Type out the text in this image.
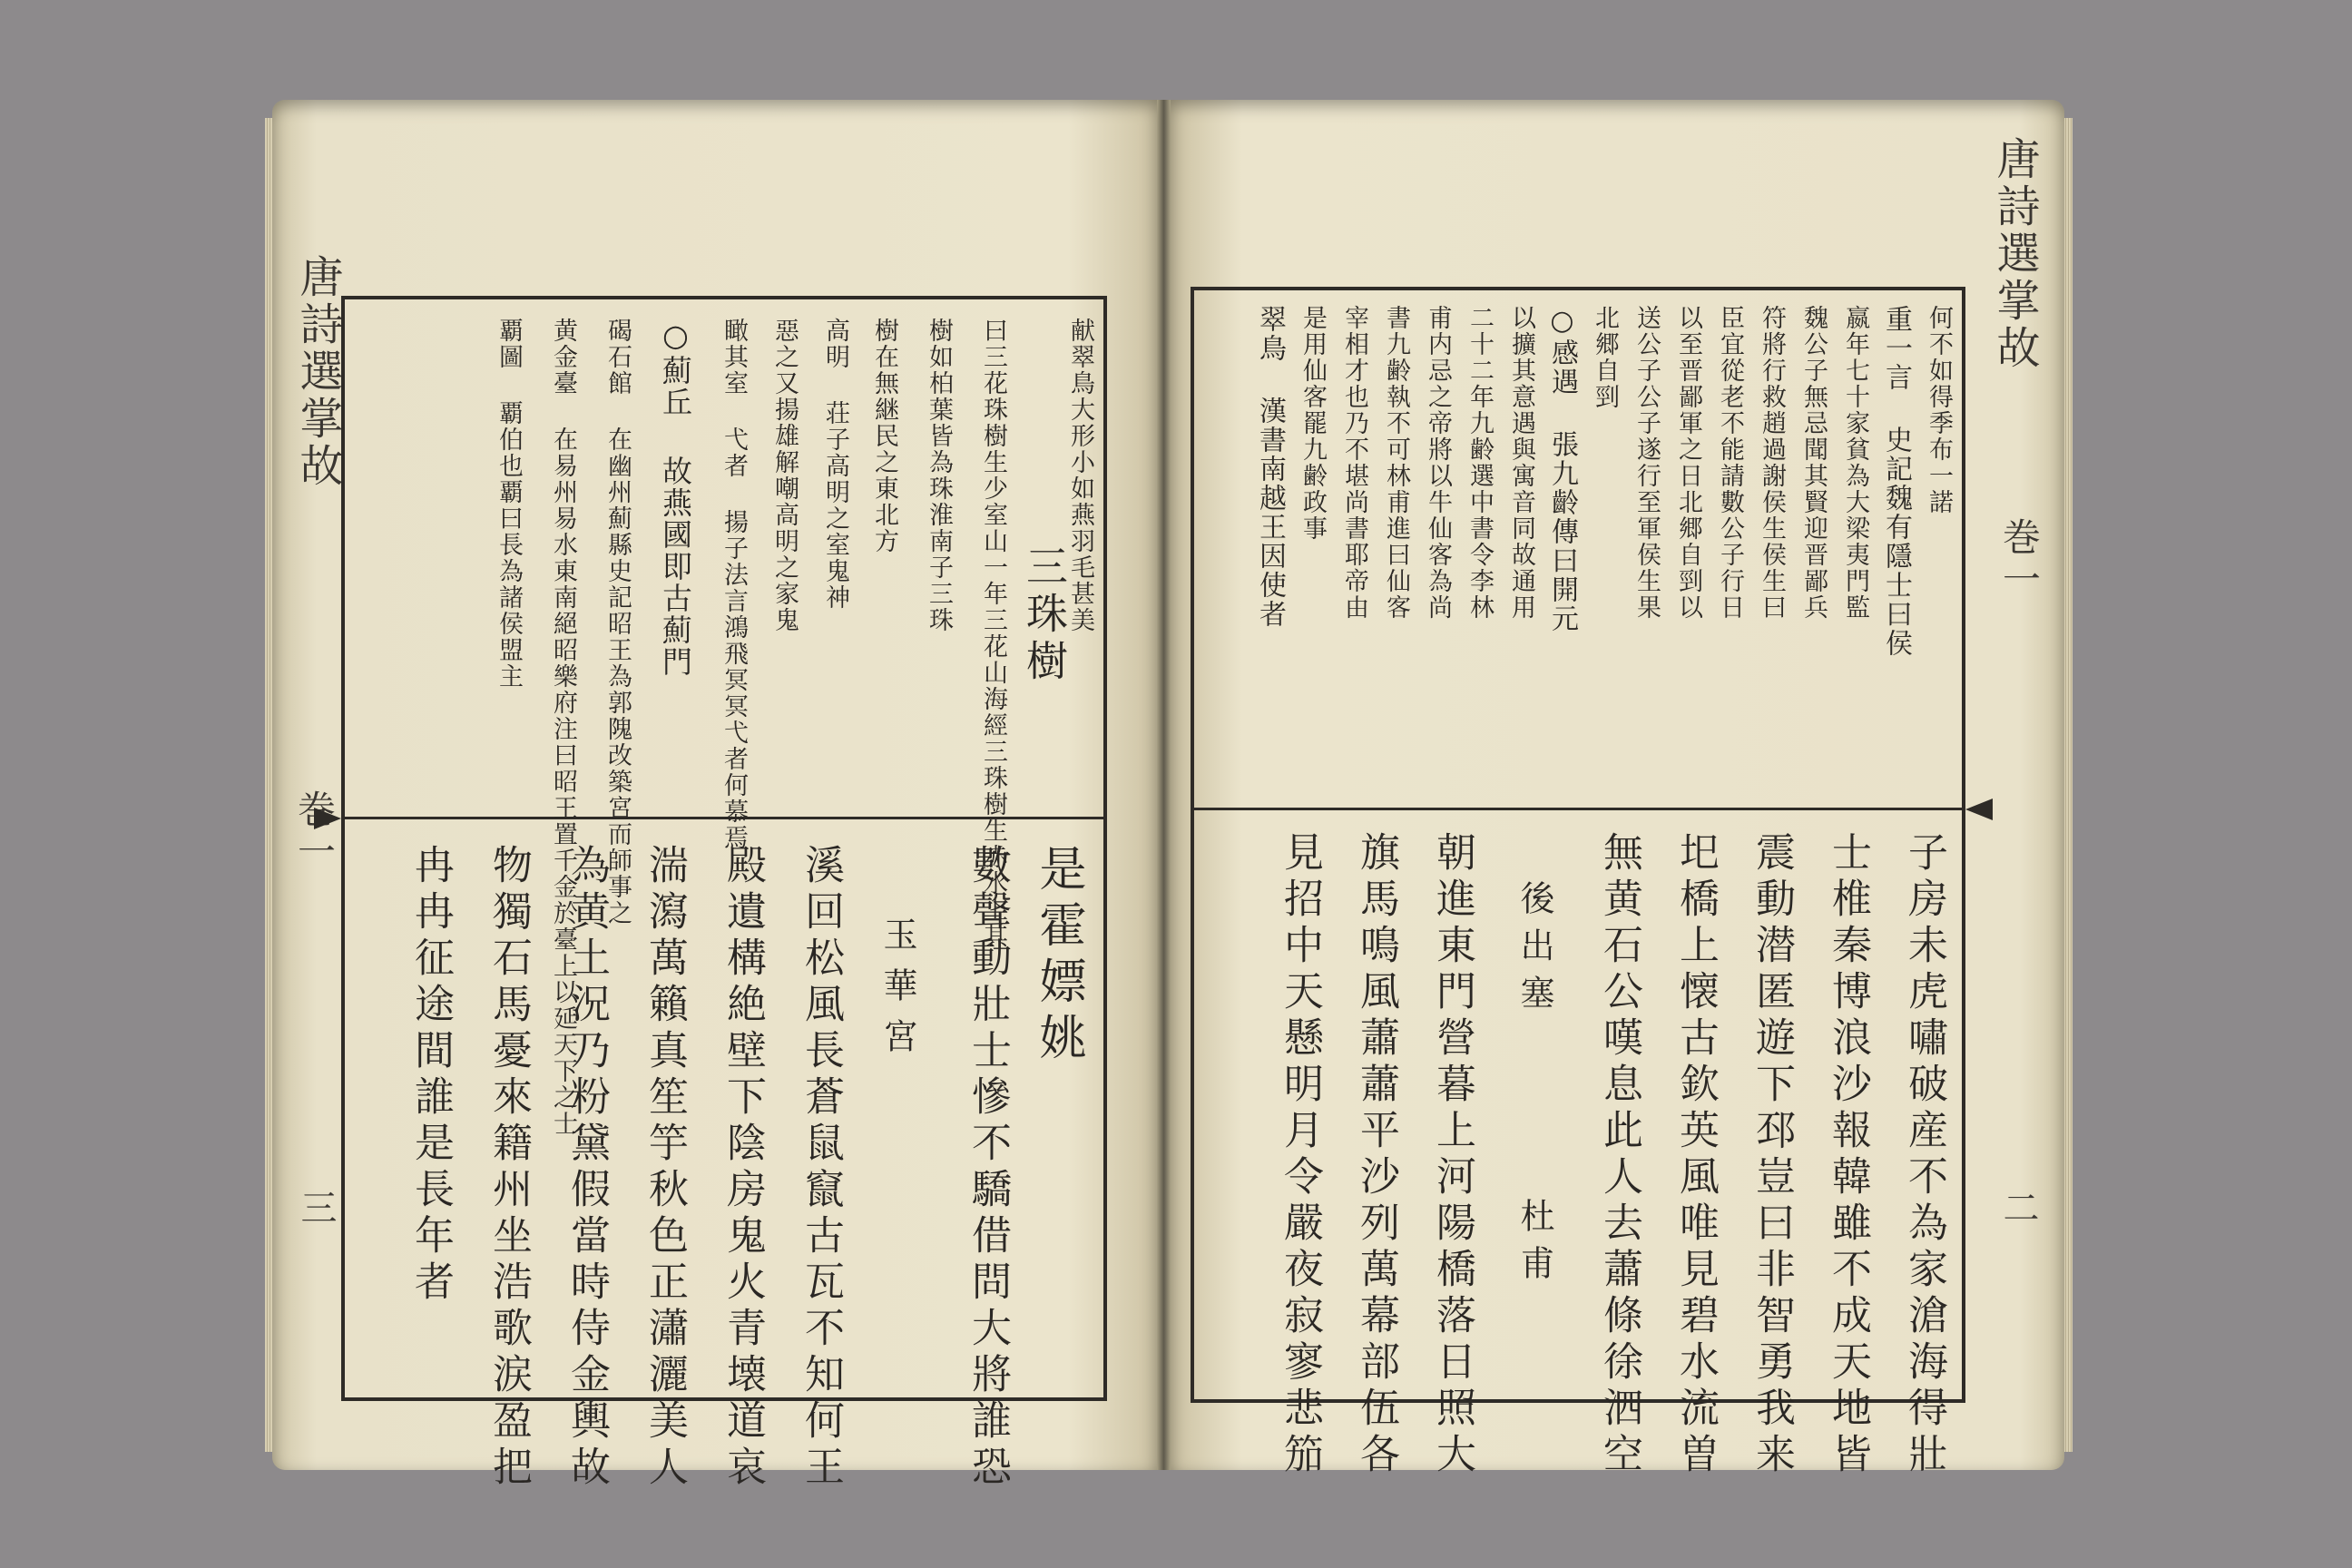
唐詩選掌故
巻一
三
献翠鳥大形小如燕羽毛甚美
三珠樹
曰三花珠樹生少室山一年三花山海經三珠樹生赤水上其
樹如柏葉皆為珠淮南子三珠
樹在無継民之東北方
高明 荘子高明之室鬼神
惡之又揚雄解嘲高明之家鬼
瞰其室 弋者 揚子法言鴻飛冥冥弋者何慕焉
○薊丘 故燕國即古薊門
碣石館 在幽州薊縣史記昭王為郭隗改築宮而師事之
黄金臺 在易州易水東南絕昭樂府注曰昭王置千金於臺上以延天下之士
覇圖 覇伯也覇曰長為諸侯盟主
是霍嫖姚
數聲動壯士慘不驕借問大將誰恐
玉華宮
溪回松風長蒼鼠竄古瓦不知何王
殿遺構絶壁下陰房鬼火青壊道哀
湍瀉萬籟真笙竽秋色正瀟灑美人
為黄土況乃粉黛假當時侍金輿故
物獨石馬憂來籍州坐浩歌涙盈把
冉冉征途間誰是長年者
唐詩選掌故
巻一
二
何不如得季布一諾
重一言 史記魏有隱士曰侯
嬴年七十家貧為大梁夷門監
魏公子無忌聞其賢迎晋鄙兵
符將行救趙過謝侯生侯生曰
臣宜從老不能請數公子行日
以至晋鄙軍之日北郷自剄以
送公子公子遂行至軍侯生果
北郷自剄
○感遇 張九齡傳曰開元
以擴其意遇與寓音同故通用
二十二年九齢選中書令李林
甫内忌之帝將以牛仙客為尚
書九齢執不可林甫進曰仙客
宰相才也乃不堪尚書耶帝由
是用仙客罷九齢政事
翠鳥 漢書南越王因使者
子房未虎嘯破産不為家滄海得壯
士椎秦博浪沙報韓雖不成天地皆
震動潜匿遊下邳豈曰非智勇我来
圯橋上懐古欽英風唯見碧水流曽
無黄石公嘆息此人去蕭條徐泗空
後出塞
杜甫
朝進東門營暮上河陽橋落日照大
旗馬鳴風蕭蕭平沙列萬幕部伍各
見招中天懸明月令嚴夜寂寥悲笳
